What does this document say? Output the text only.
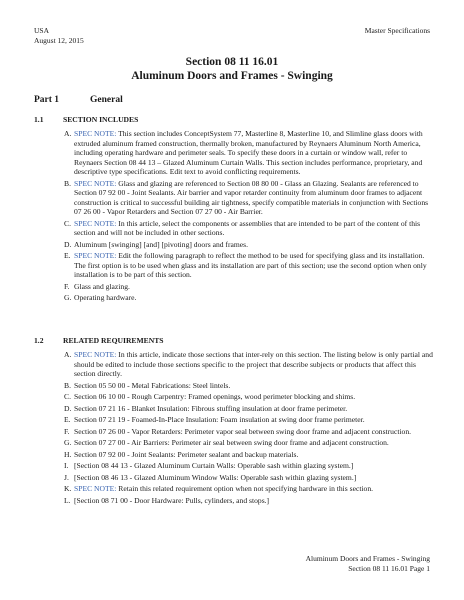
USA
August 12, 2015
Master Specifications
Section 08 11 16.01
Aluminum Doors and Frames - Swinging
Part 1	General
1.1	SECTION INCLUDES
A. SPEC NOTE: This section includes ConceptSystem 77, Masterline 8, Masterline 10, and Slimline glass doors with extruded aluminum framed construction, thermally broken, manufactured by Reynaers Aluminum North America, including operating hardware and perimeter seals. To specify these doors in a curtain or window wall, refer to Reynaers Section 08 44 13 – Glazed Aluminum Curtain Walls. This section includes performance, proprietary, and descriptive type specifications. Edit text to avoid conflicting requirements.
B. SPEC NOTE: Glass and glazing are referenced to Section 08 80 00 - Glass an Glazing. Sealants are referenced to Section 07 92 00 - Joint Sealants. Air barrier and vapor retarder continuity from aluminum door frames to adjacent construction is critical to successful building air tightness, specify compatible materials in conjunction with Sections 07 26 00 - Vapor Retarders and Section 07 27 00 - Air Barrier.
C. SPEC NOTE: In this article, select the components or assemblies that are intended to be part of the content of this section and will not be included in other sections.
D. Aluminum [swinging] [and] [pivoting] doors and frames.
E. SPEC NOTE: Edit the following paragraph to reflect the method to be used for specifying glass and its installation. The first option is to be used when glass and its installation are part of this section; use the second option when only installation is to be part of this section.
F. Glass and glazing.
G. Operating hardware.
1.2	RELATED REQUIREMENTS
A. SPEC NOTE: In this article, indicate those sections that inter-rely on this section. The listing below is only partial and should be edited to include those sections specific to the project that describe subjects or products that affect this section directly.
B. Section 05 50 00 - Metal Fabrications: Steel lintels.
C. Section 06 10 00 - Rough Carpentry: Framed openings, wood perimeter blocking and shims.
D. Section 07 21 16 - Blanket Insulation: Fibrous stuffing insulation at door frame perimeter.
E. Section 07 21 19 - Foamed-In-Place Insulation: Foam insulation at swing door frame perimeter.
F. Section 07 26 00 - Vapor Retarders: Perimeter vapor seal between swing door frame and adjacent construction.
G. Section 07 27 00 - Air Barriers: Perimeter air seal between swing door frame and adjacent construction.
H. Section 07 92 00 - Joint Sealants: Perimeter sealant and backup materials.
I. [Section 08 44 13 - Glazed Aluminum Curtain Walls: Operable sash within glazing system.]
J. [Section 08 46 13 - Glazed Aluminum Window Walls: Operable sash within glazing system.]
K. SPEC NOTE: Retain this related requirement option when not specifying hardware in this section.
L. [Section 08 71 00 - Door Hardware: Pulls, cylinders, and stops.]
Aluminum Doors and Frames - Swinging
Section 08 11 16.01 Page 1
